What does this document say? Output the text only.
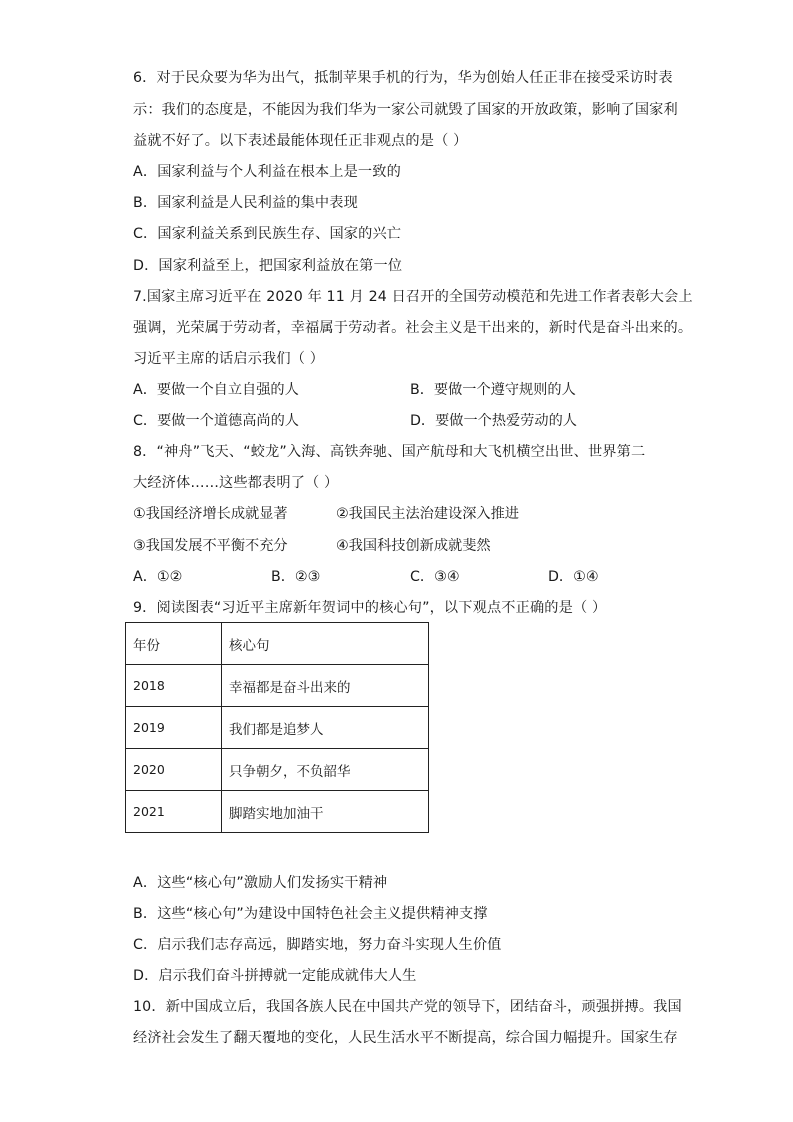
6．对于民众要为华为出气，抵制苹果手机的行为，华为创始人任正非在接受采访时表
示：我们的态度是，不能因为我们华为一家公司就毁了国家的开放政策，影响了国家利
益就不好了。以下表述最能体现任正非观点的是（ ）
A．国家利益与个人利益在根本上是一致的
B．国家利益是人民利益的集中表现
C．国家利益关系到民族生存、国家的兴亡
D．国家利益至上，把国家利益放在第一位
7.国家主席习近平在 2020 年 11 月 24 日召开的全国劳动模范和先进工作者表彰大会上
强调，光荣属于劳动者，幸福属于劳动者。社会主义是干出来的，新时代是奋斗出来的。
习近平主席的话启示我们（ ）
A．要做一个自立自强的人	B．要做一个遵守规则的人
C．要做一个道德高尚的人	D．要做一个热爱劳动的人
8．“神舟”飞天、“蛟龙”入海、高铁奔驰、国产航母和大飞机横空出世、世界第二
大经济体……这些都表明了（ ）
①我国经济增长成就显著	②我国民主法治建设深入推进
③我国发展不平衡不充分	④我国科技创新成就斐然
A．①②	B．②③	C．③④	D．①④
9．阅读图表“习近平主席新年贺词中的核心句”，以下观点不正确的是（ ）
年份	核心句
2018	幸福都是奋斗出来的
2019	我们都是追梦人
2020	只争朝夕，不负韶华
2021	脚踏实地加油干
A．这些“核心句”激励人们发扬实干精神
B．这些“核心句”为建设中国特色社会主义提供精神支撑
C．启示我们志存高远，脚踏实地，努力奋斗实现人生价值
D．启示我们奋斗拼搏就一定能成就伟大人生
10．新中国成立后，我国各族人民在中国共产党的领导下，团结奋斗，顽强拼搏。我国
经济社会发生了翻天覆地的变化，人民生活水平不断提高，综合国力幅提升。国家生存
